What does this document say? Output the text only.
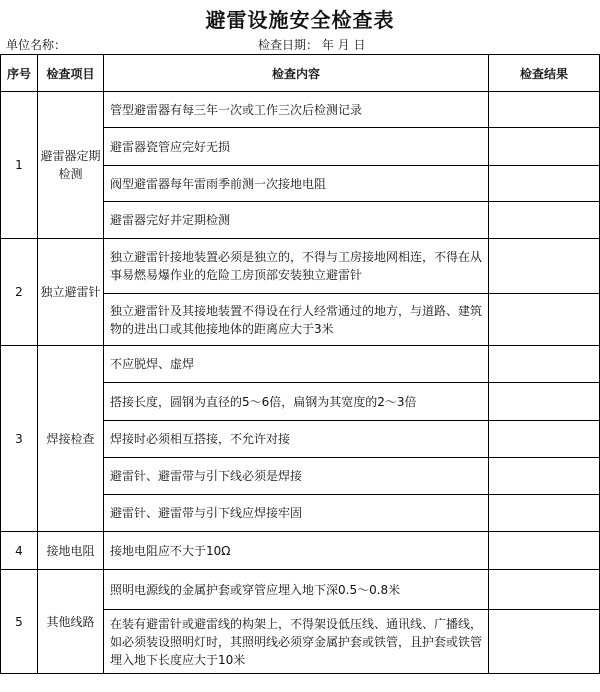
避雷设施安全检查表
单位名称：	检查日期： 年 月 日
序号	检查项目	检查内容	检查结果
1	避雷器定期检测	管型避雷器有每三年一次或工作三次后检测记录	
		避雷器瓷管应完好无损	
		阀型避雷器每年雷雨季前测一次接地电阻	
		避雷器完好并定期检测	
2	独立避雷针	独立避雷针接地装置必须是独立的，不得与工房接地网相连，不得在从事易燃易爆作业的危险工房顶部安装独立避雷针	
		独立避雷针及其接地装置不得设在行人经常通过的地方，与道路、建筑物的进出口或其他接地体的距离应大于3米	
3	焊接检查	不应脱焊、虚焊	
		搭接长度，圆钢为直径的5～6倍，扁钢为其宽度的2～3倍	
		焊接时必须相互搭接，不允许对接	
		避雷针、避雷带与引下线必须是焊接	
		避雷针、避雷带与引下线应焊接牢固	
4	接地电阻	接地电阻应不大于10Ω	
5	其他线路	照明电源线的金属护套或穿管应埋入地下深0.5～0.8米	
		在装有避雷针或避雷线的构架上，不得架设低压线、通讯线、广播线，如必须装设照明灯时，其照明线必须穿金属护套或铁管，且护套或铁管埋入地下长度应大于10米	
